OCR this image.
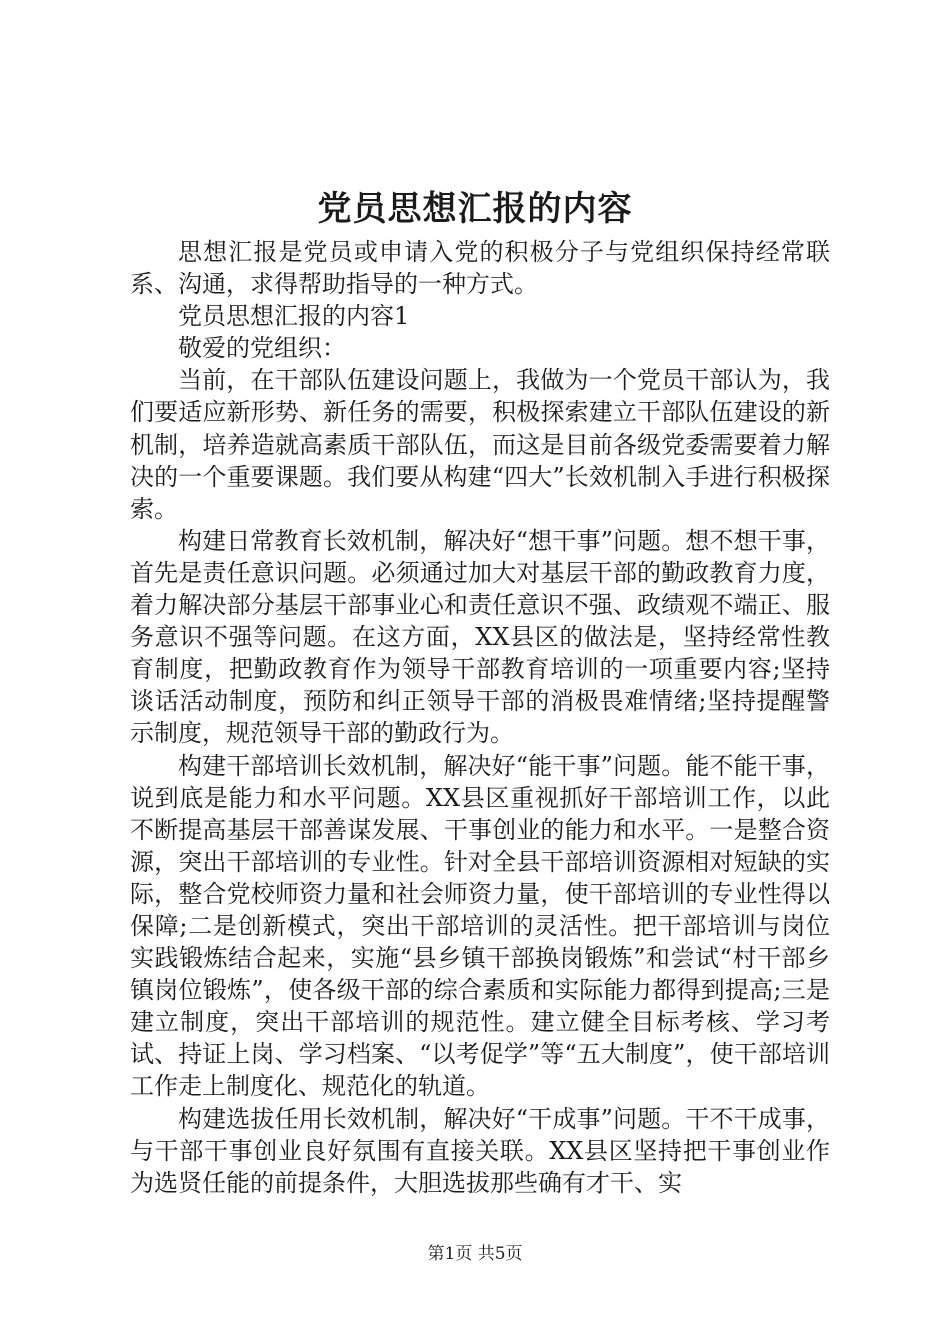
党员思想汇报的内容

思想汇报是党员或申请入党的积极分子与党组织保持经常联系、沟通，求得帮助指导的一种方式。

党员思想汇报的内容1

敬爱的党组织：

当前，在干部队伍建设问题上，我做为一个党员干部认为，我们要适应新形势、新任务的需要，积极探索建立干部队伍建设的新机制，培养造就高素质干部队伍，而这是目前各级党委需要着力解决的一个重要课题。我们要从构建“四大”长效机制入手进行积极探索。

构建日常教育长效机制，解决好“想干事”问题。想不想干事，首先是责任意识问题。必须通过加大对基层干部的勤政教育力度，着力解决部分基层干部事业心和责任意识不强、政绩观不端正、服务意识不强等问题。在这方面，XX县区的做法是，坚持经常性教育制度，把勤政教育作为领导干部教育培训的一项重要内容;坚持谈话活动制度，预防和纠正领导干部的消极畏难情绪;坚持提醒警示制度，规范领导干部的勤政行为。

构建干部培训长效机制，解决好“能干事”问题。能不能干事，说到底是能力和水平问题。XX县区重视抓好干部培训工作，以此不断提高基层干部善谋发展、干事创业的能力和水平。一是整合资源，突出干部培训的专业性。针对全县干部培训资源相对短缺的实际，整合党校师资力量和社会师资力量，使干部培训的专业性得以保障;二是创新模式，突出干部培训的灵活性。把干部培训与岗位实践锻炼结合起来，实施“县乡镇干部换岗锻炼”和尝试“村干部乡镇岗位锻炼”，使各级干部的综合素质和实际能力都得到提高;三是建立制度，突出干部培训的规范性。建立健全目标考核、学习考试、持证上岗、学习档案、“以考促学”等“五大制度”，使干部培训工作走上制度化、规范化的轨道。

构建选拔任用长效机制，解决好“干成事”问题。干不干成事，与干部干事创业良好氛围有直接关联。XX县区坚持把干事创业作为选贤任能的前提条件，大胆选拔那些确有才干、实

第1页 共5页
